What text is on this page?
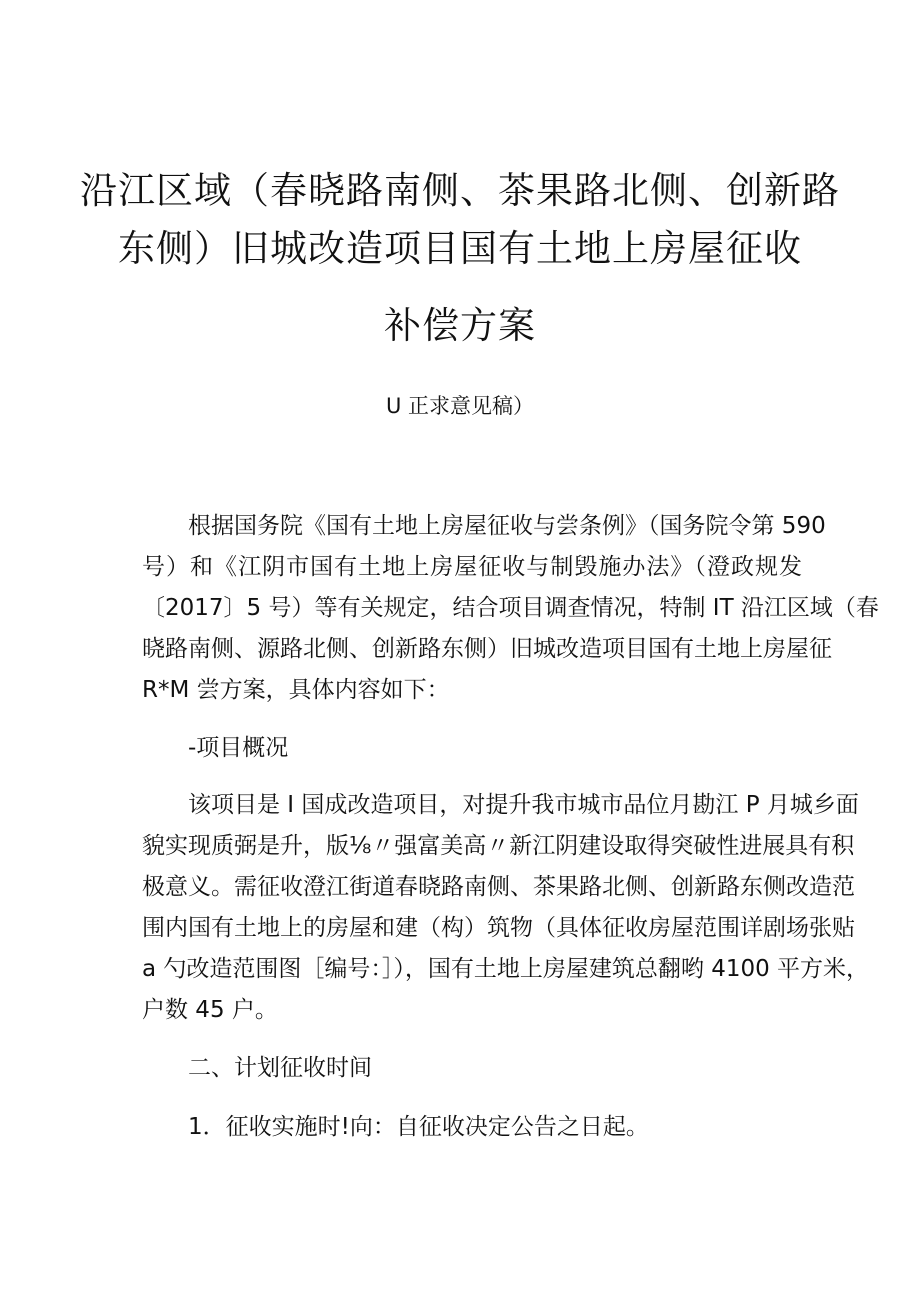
沿江区域（春晓路南侧、茶果路北侧、创新路
东侧）旧城改造项目国有土地上房屋征收
补偿方案
U 正求意见稿）
根据国务院《国有土地上房屋征收与尝条例》（国务院令第 590
号）和《江阴市国有土地上房屋征收与制毁施办法》（澄政规发
〔2017〕5 号）等有关规定，结合项目调查情况，特制 IT 沿江区域（春
晓路南侧、源路北侧、创新路东侧）旧城改造项目国有土地上房屋征
R*M 尝方案，具体内容如下：
-项目概况
该项目是 I 国成改造项目，对提升我市城市品位月勘江 P 月城乡面
貌实现质弼是升，版⅛〃强富美高〃新江阴建设取得突破性进展具有积
极意义。需征收澄江街道春晓路南侧、茶果路北侧、创新路东侧改造范
围内国有土地上的房屋和建（构）筑物（具体征收房屋范围详剧场张贴
a 勺改造范围图［编号：］），国有土地上房屋建筑总翻哟 4100 平方米，
户数 45 户。
二、计划征收时间
1．征收实施时!向：自征收决定公告之日起。
